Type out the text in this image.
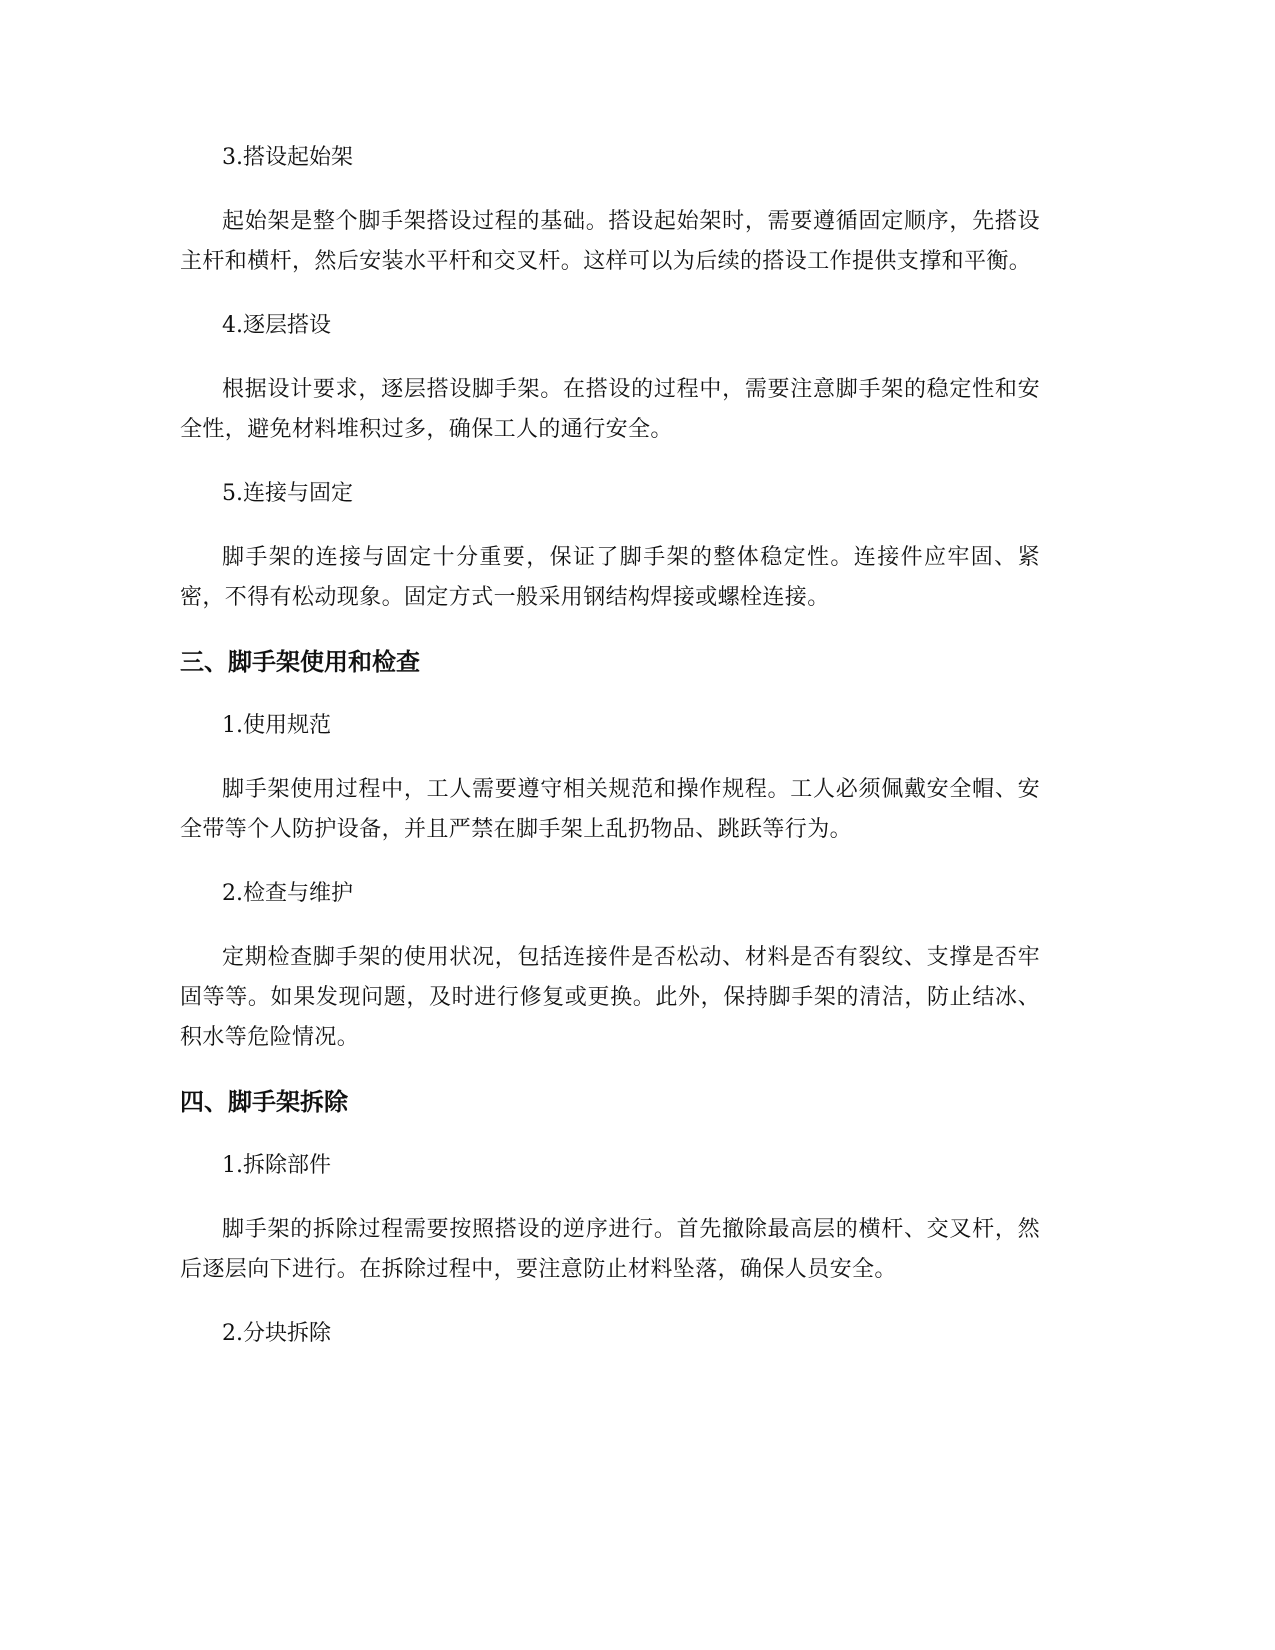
3.搭设起始架
起始架是整个脚手架搭设过程的基础。搭设起始架时，需要遵循固定顺序，先搭设主杆和横杆，然后安装水平杆和交叉杆。这样可以为后续的搭设工作提供支撑和平衡。
4.逐层搭设
根据设计要求，逐层搭设脚手架。在搭设的过程中，需要注意脚手架的稳定性和安全性，避免材料堆积过多，确保工人的通行安全。
5.连接与固定
脚手架的连接与固定十分重要，保证了脚手架的整体稳定性。连接件应牢固、紧密，不得有松动现象。固定方式一般采用钢结构焊接或螺栓连接。
三、脚手架使用和检查
1.使用规范
脚手架使用过程中，工人需要遵守相关规范和操作规程。工人必须佩戴安全帽、安全带等个人防护设备，并且严禁在脚手架上乱扔物品、跳跃等行为。
2.检查与维护
定期检查脚手架的使用状况，包括连接件是否松动、材料是否有裂纹、支撑是否牢固等等。如果发现问题，及时进行修复或更换。此外，保持脚手架的清洁，防止结冰、积水等危险情况。
四、脚手架拆除
1.拆除部件
脚手架的拆除过程需要按照搭设的逆序进行。首先撤除最高层的横杆、交叉杆，然后逐层向下进行。在拆除过程中，要注意防止材料坠落，确保人员安全。
2.分块拆除
